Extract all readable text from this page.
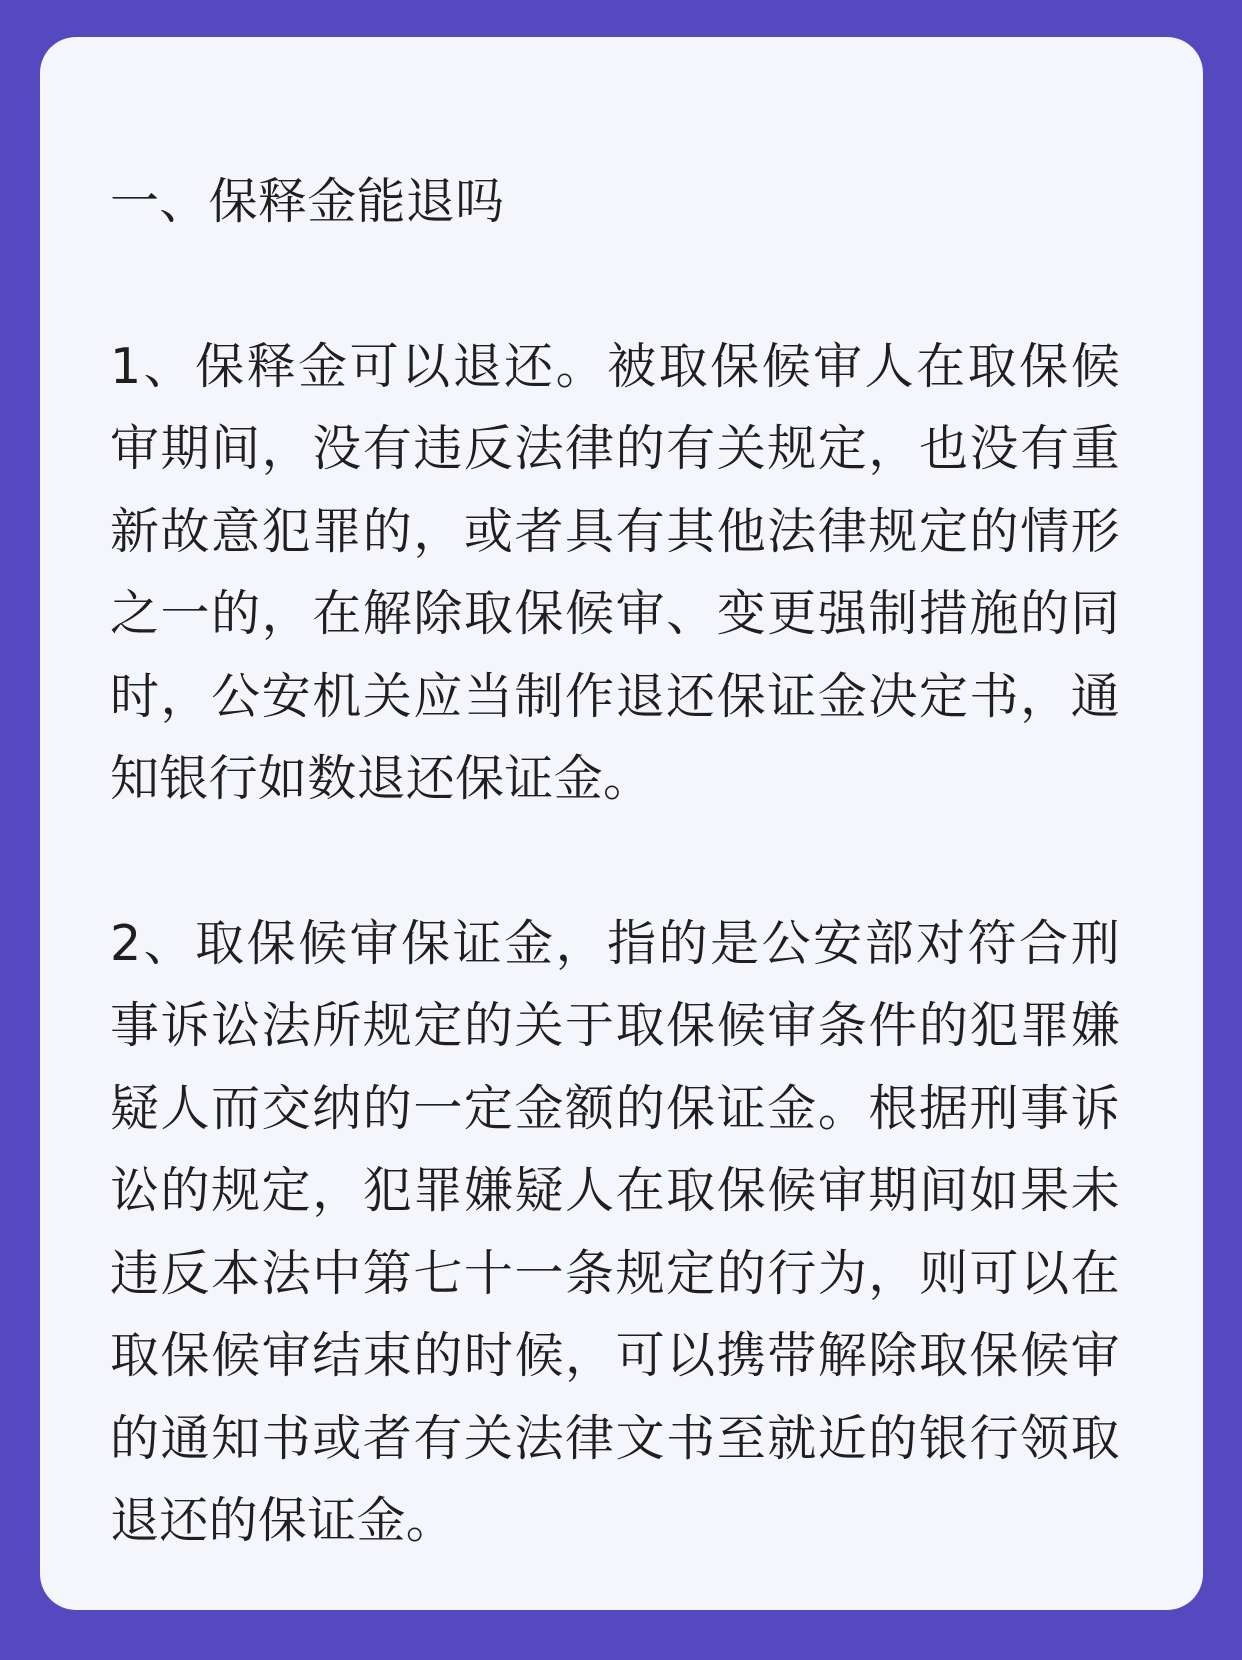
一、保释金能退吗

1、保释金可以退还。被取保候审人在取保候审期间，没有违反法律的有关规定，也没有重新故意犯罪的，或者具有其他法律规定的情形之一的，在解除取保候审、变更强制措施的同时，公安机关应当制作退还保证金决定书，通知银行如数退还保证金。

2、取保候审保证金，指的是公安部对符合刑事诉讼法所规定的关于取保候审条件的犯罪嫌疑人而交纳的一定金额的保证金。根据刑事诉讼的规定，犯罪嫌疑人在取保候审期间如果未违反本法中第七十一条规定的行为，则可以在取保候审结束的时候，可以携带解除取保候审的通知书或者有关法律文书至就近的银行领取退还的保证金。
